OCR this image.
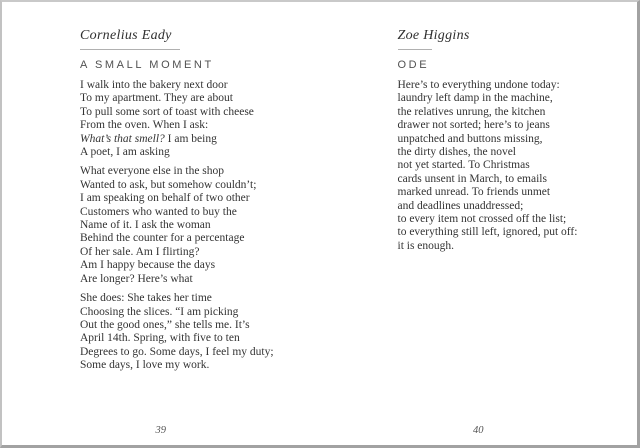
Cornelius Eady
A SMALL MOMENT
I walk into the bakery next door
To my apartment. They are about
To pull some sort of toast with cheese
From the oven. When I ask:
What’s that smell? I am being
A poet, I am asking
What everyone else in the shop
Wanted to ask, but somehow couldn’t;
I am speaking on behalf of two other
Customers who wanted to buy the
Name of it. I ask the woman
Behind the counter for a percentage
Of her sale. Am I flirting?
Am I happy because the days
Are longer? Here’s what
She does: She takes her time
Choosing the slices. “I am picking
Out the good ones,” she tells me. It’s
April 14th. Spring, with five to ten
Degrees to go. Some days, I feel my duty;
Some days, I love my work.
39
Zoe Higgins
ODE
Here’s to everything undone today:
laundry left damp in the machine,
the relatives unrung, the kitchen
drawer not sorted; here’s to jeans
unpatched and buttons missing,
the dirty dishes, the novel
not yet started. To Christmas
cards unsent in March, to emails
marked unread. To friends unmet
and deadlines unaddressed;
to every item not crossed off the list;
to everything still left, ignored, put off:
it is enough.
40
